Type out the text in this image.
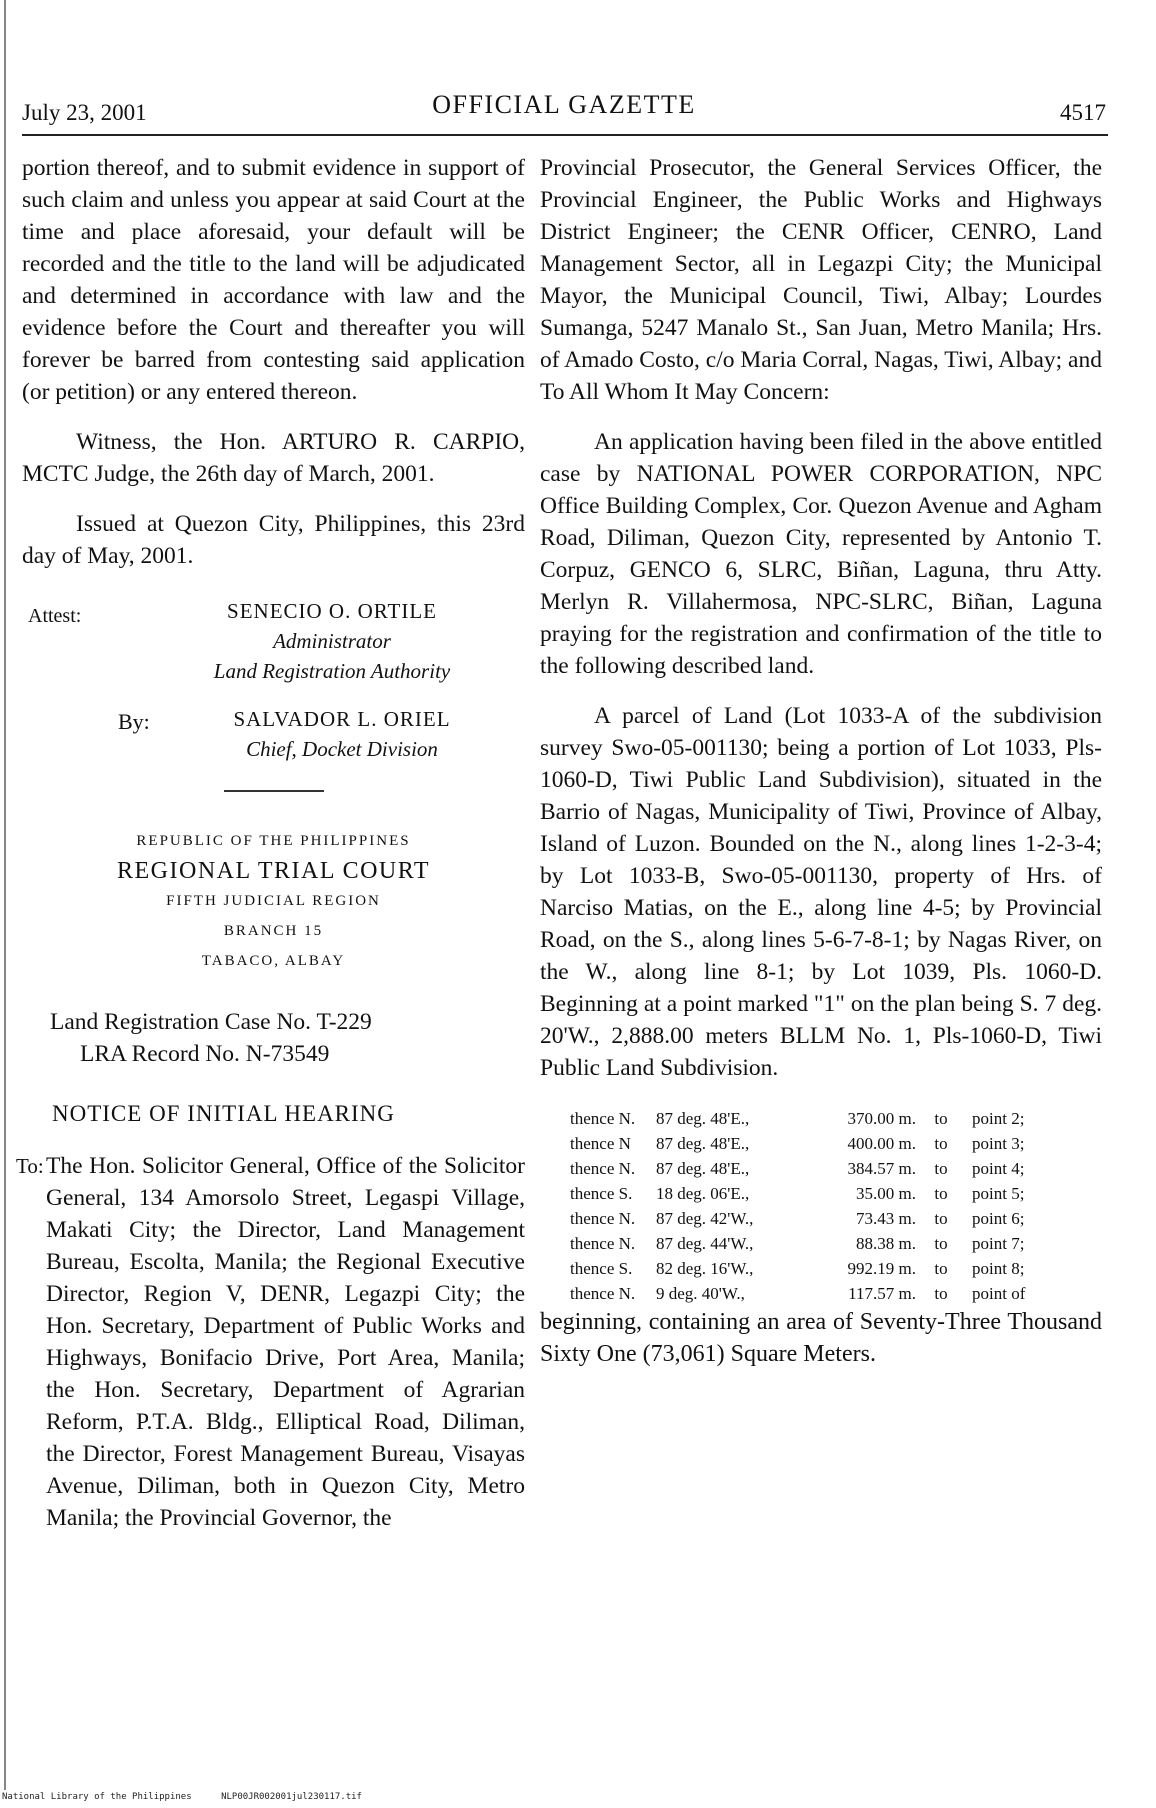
July 23, 2001	OFFICIAL GAZETTE	4517

portion thereof, and to submit evidence in support of such claim and unless you appear at said Court at the time and place aforesaid, your default will be recorded and the title to the land will be adjudicated and determined in accordance with law and the evidence before the Court and thereafter you will forever be barred from contesting said application (or petition) or any entered thereon.

Witness, the Hon. ARTURO R. CARPIO, MCTC Judge, the 26th day of March, 2001.

Issued at Quezon City, Philippines, this 23rd day of May, 2001.

Attest:	SENECIO O. ORTILE
Administrator
Land Registration Authority
By:	SALVADOR L. ORIEL
Chief, Docket Division
REPUBLIC OF THE PHILIPPINES
REGIONAL TRIAL COURT
FIFTH JUDICIAL REGION
BRANCH 15
TABACO, ALBAY
Land Registration Case No. T-229
LRA Record No. N-73549
NOTICE OF INITIAL HEARING
To: The Hon. Solicitor General, Office of the Solicitor General, 134 Amorsolo Street, Legaspi Village, Makati City; the Director, Land Management Bureau, Escolta, Manila; the Regional Executive Director, Region V, DENR, Legazpi City; the Hon. Secretary, Department of Public Works and Highways, Bonifacio Drive, Port Area, Manila; the Hon. Secretary, Department of Agrarian Reform, P.T.A. Bldg., Elliptical Road, Diliman, the Director, Forest Management Bureau, Visayas Avenue, Diliman, both in Quezon City, Metro Manila; the Provincial Governor, the

Provincial Prosecutor, the General Services Officer, the Provincial Engineer, the Public Works and Highways District Engineer; the CENR Officer, CENRO, Land Management Sector, all in Legazpi City; the Municipal Mayor, the Municipal Council, Tiwi, Albay; Lourdes Sumanga, 5247 Manalo St., San Juan, Metro Manila; Hrs. of Amado Costo, c/o Maria Corral, Nagas, Tiwi, Albay; and To All Whom It May Concern:

An application having been filed in the above entitled case by NATIONAL POWER CORPORATION, NPC Office Building Complex, Cor. Quezon Avenue and Agham Road, Diliman, Quezon City, represented by Antonio T. Corpuz, GENCO 6, SLRC, Biñan, Laguna, thru Atty. Merlyn R. Villahermosa, NPC-SLRC, Biñan, Laguna praying for the registration and confirmation of the title to the following described land.

A parcel of Land (Lot 1033-A of the subdivision survey Swo-05-001130; being a portion of Lot 1033, Pls-1060-D, Tiwi Public Land Subdivision), situated in the Barrio of Nagas, Municipality of Tiwi, Province of Albay, Island of Luzon. Bounded on the N., along lines 1-2-3-4; by Lot 1033-B, Swo-05-001130, property of Hrs. of Narciso Matias, on the E., along line 4-5; by Provincial Road, on the S., along lines 5-6-7-8-1; by Nagas River, on the W., along line 8-1; by Lot 1039, Pls. 1060-D. Beginning at a point marked "1" on the plan being S. 7 deg. 20'W., 2,888.00 meters BLLM No. 1, Pls-1060-D, Tiwi Public Land Subdivision.

thence N.	87 deg. 48'E.,	370.00 m.	to	point 2;
thence N	87 deg. 48'E.,	400.00 m.	to	point 3;
thence N.	87 deg. 48'E.,	384.57 m.	to	point 4;
thence S.	18 deg. 06'E.,	35.00 m.	to	point 5;
thence N.	87 deg. 42'W.,	73.43 m.	to	point 6;
thence N.	87 deg. 44'W.,	88.38 m.	to	point 7;
thence S.	82 deg. 16'W.,	992.19 m.	to	point 8;
thence N.	9 deg. 40'W.,	117.57 m.	to	point of

beginning, containing an area of Seventy-Three Thousand Sixty One (73,061) Square Meters.

National Library of the Philippines	NLP00JR002001jul230117.tif
